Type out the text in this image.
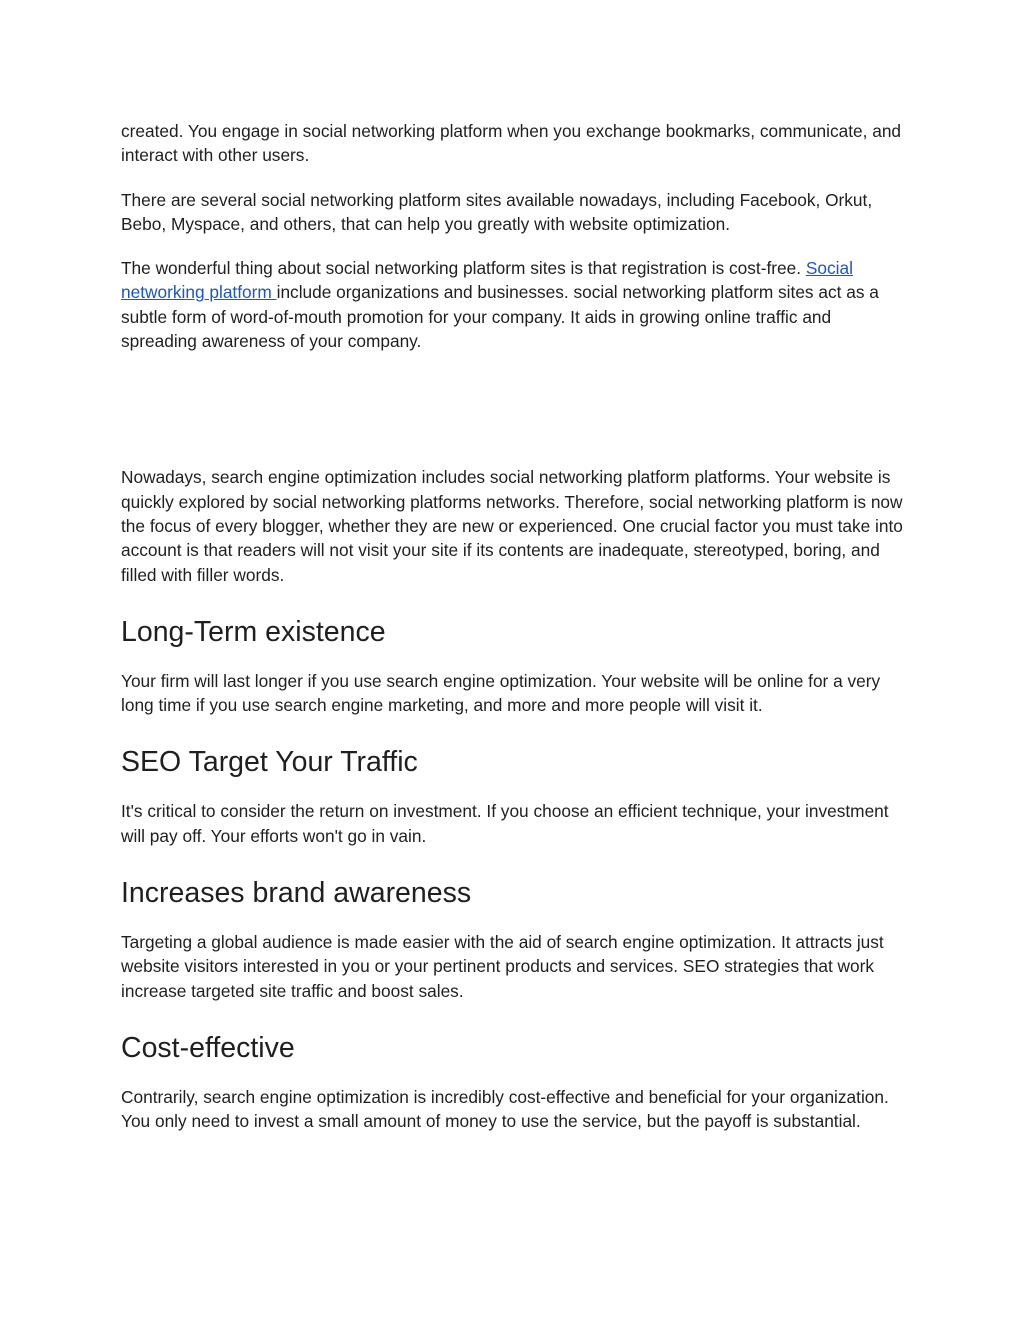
created. You engage in social networking platform when you exchange bookmarks, communicate, and interact with other users.

There are several social networking platform sites available nowadays, including Facebook, Orkut, Bebo, Myspace, and others, that can help you greatly with website optimization.

The wonderful thing about social networking platform sites is that registration is cost-free. Social networking platform include organizations and businesses. social networking platform sites act as a subtle form of word-of-mouth promotion for your company. It aids in growing online traffic and spreading awareness of your company.

Nowadays, search engine optimization includes social networking platform platforms. Your website is quickly explored by social networking platforms networks. Therefore, social networking platform is now the focus of every blogger, whether they are new or experienced. One crucial factor you must take into account is that readers will not visit your site if its contents are inadequate, stereotyped, boring, and filled with filler words.

Long-Term existence

Your firm will last longer if you use search engine optimization. Your website will be online for a very long time if you use search engine marketing, and more and more people will visit it.

SEO Target Your Traffic

It's critical to consider the return on investment. If you choose an efficient technique, your investment will pay off. Your efforts won't go in vain.

Increases brand awareness

Targeting a global audience is made easier with the aid of search engine optimization. It attracts just website visitors interested in you or your pertinent products and services. SEO strategies that work increase targeted site traffic and boost sales.

Cost-effective

Contrarily, search engine optimization is incredibly cost-effective and beneficial for your organization. You only need to invest a small amount of money to use the service, but the payoff is substantial.
